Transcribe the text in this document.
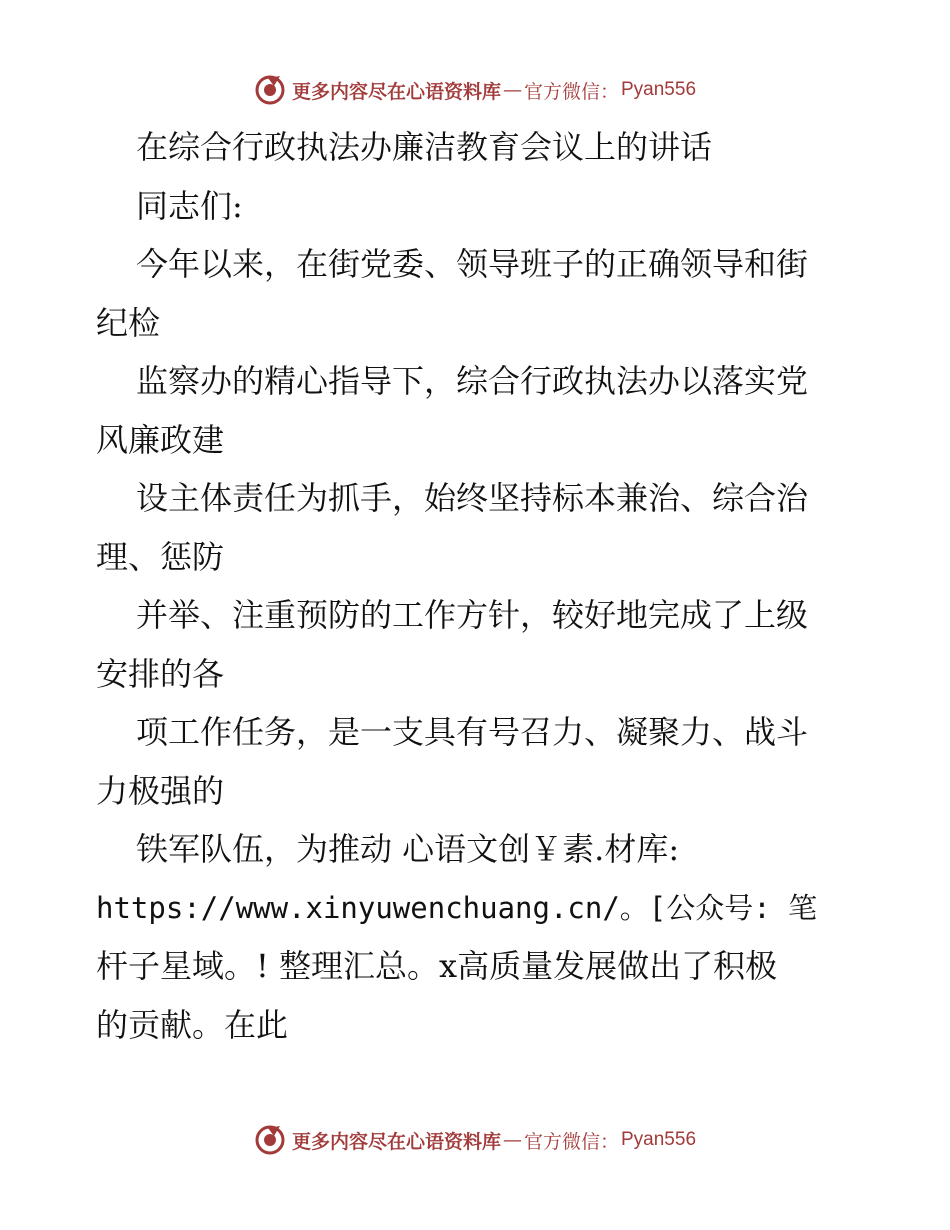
更多内容尽在心语资料库 — 官方微信： Pyan556
在综合行政执法办廉洁教育会议上的讲话
同志们:
今年以来，在街党委、领导班子的正确领导和街
纪检
监察办的精心指导下，综合行政执法办以落实党
风廉政建
设主体责任为抓手，始终坚持标本兼治、综合治
理、惩防
并举、注重预防的工作方针，较好地完成了上级
安排的各
项工作任务，是一支具有号召力、凝聚力、战斗
力极强的
铁军队伍，为推动 心语文创￥素.材库:
https://www.xinyuwenchuang.cn/。[公众号: 笔
杆子星域。! 整理汇总。x高质量发展做出了积极
的贡献。在此
更多内容尽在心语资料库 — 官方微信： Pyan556
